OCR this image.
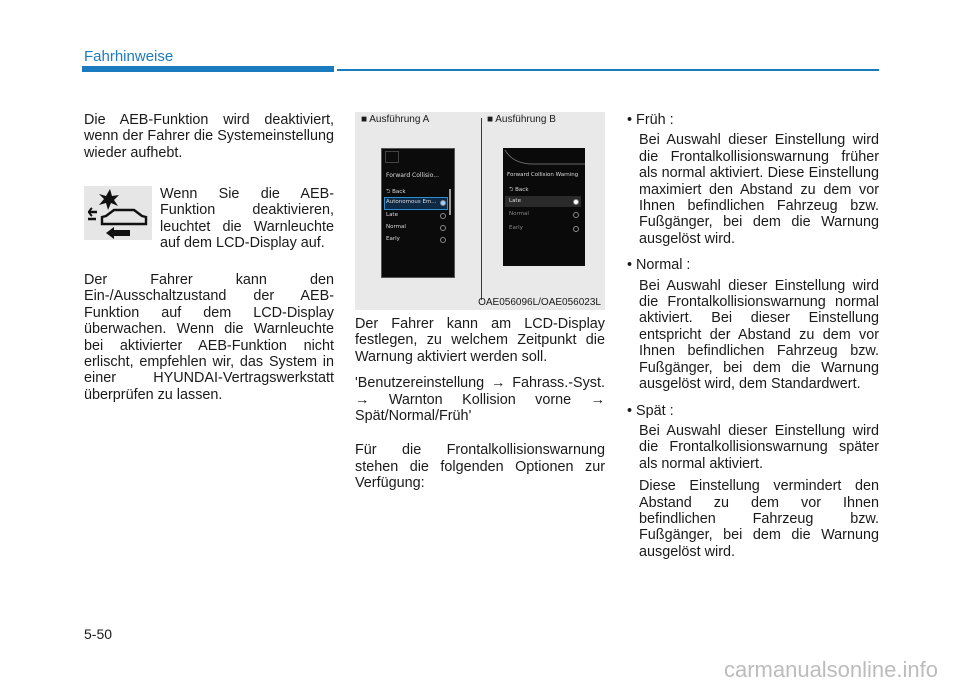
Fahrhinweise

Die AEB-Funktion wird deaktiviert, wenn der Fahrer die Systemeinstellung wieder aufhebt.

Wenn Sie die AEB-Funktion deaktivieren, leuchtet die Warnleuchte auf dem LCD-Display auf.

Der Fahrer kann den Ein-/Ausschaltzustand der AEB-Funktion auf dem LCD-Display überwachen. Wenn die Warnleuchte bei aktivierter AEB-Funktion nicht erlischt, empfehlen wir, das System in einer HYUNDAI-Vertragswerkstatt überprüfen zu lassen.

■ Ausführung A	■ Ausführung B
Forward Collisio...
⮌ Back
Autonomous Em...
Late
Normal
Early
Forward Collision Warning
⮌ Back
Late
Normal
Early
OAE056096L/OAE056023L

Der Fahrer kann am LCD-Display festlegen, zu welchem Zeitpunkt die Warnung aktiviert werden soll.

'Benutzereinstellung → Fahrass.-Syst. → Warnton Kollision vorne → Spät/Normal/Früh'

Für die Frontalkollisionswarnung stehen die folgenden Optionen zur Verfügung:

• Früh :

Bei Auswahl dieser Einstellung wird die Frontalkollisionswarnung früher als normal aktiviert. Diese Einstellung maximiert den Abstand zu dem vor Ihnen befindlichen Fahrzeug bzw. Fußgänger, bei dem die Warnung ausgelöst wird.

• Normal :

Bei Auswahl dieser Einstellung wird die Frontalkollisionswarnung normal aktiviert. Bei dieser Einstellung entspricht der Abstand zu dem vor Ihnen befindlichen Fahrzeug bzw. Fußgänger, bei dem die Warnung ausgelöst wird, dem Standardwert.

• Spät :

Bei Auswahl dieser Einstellung wird die Frontalkollisionswarnung später als normal aktiviert.

Diese Einstellung vermindert den Abstand zu dem vor Ihnen befindlichen Fahrzeug bzw. Fußgänger, bei dem die Warnung ausgelöst wird.

5-50
carmanualsonline.info
